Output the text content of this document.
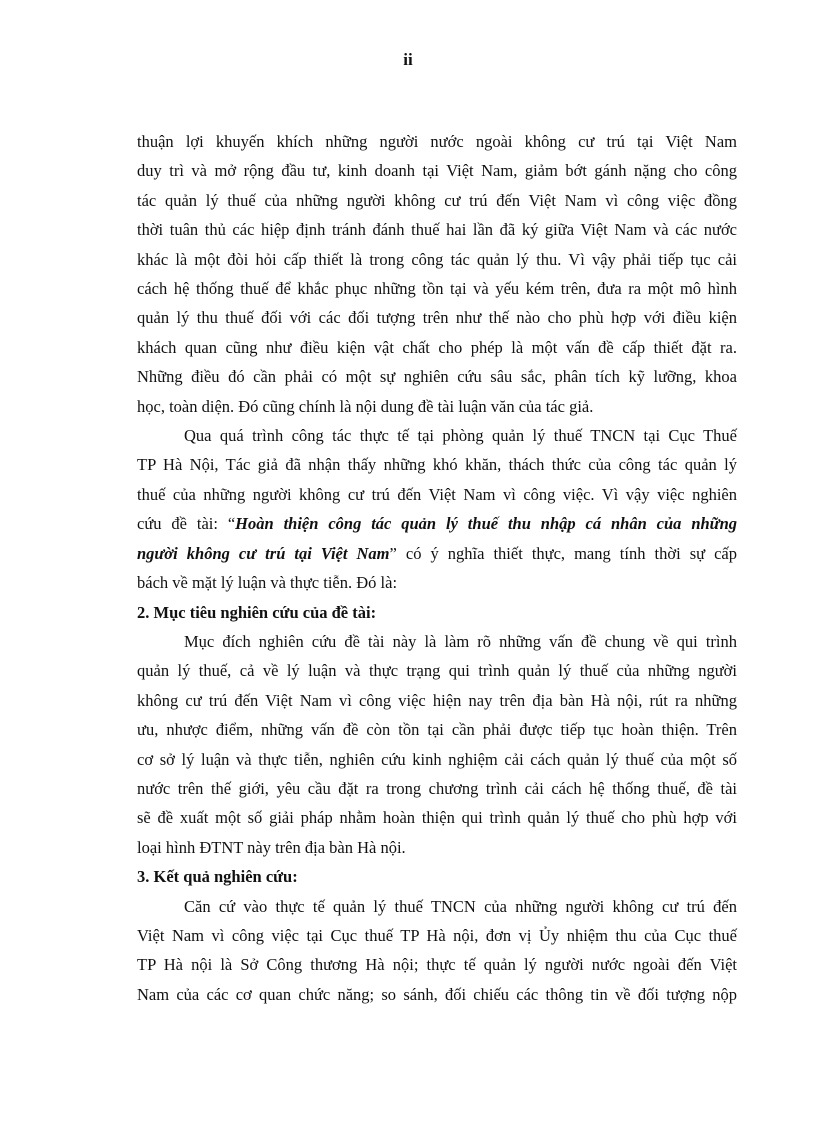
ii
thuận lợi khuyến khích những người nước ngoài không cư trú tại Việt Nam
duy trì và mở rộng đầu tư, kinh doanh tại Việt Nam, giảm bớt gánh nặng cho công
tác quản lý thuế của những người không cư trú đến Việt Nam vì công việc đồng
thời tuân thủ các hiệp định tránh đánh thuế hai lần đã ký giữa Việt Nam và các nước
khác là một đòi hỏi cấp thiết là trong công tác quản lý thu. Vì vậy phải tiếp tục cải
cách hệ thống thuế để khắc phục những tồn tại và yếu kém trên, đưa ra một mô hình
quản lý thu thuế đối với các đối tượng trên như thế nào cho phù hợp với điều kiện
khách quan cũng như điều kiện vật chất cho phép là một vấn đề cấp thiết đặt ra.
Những điều đó cần phải có một sự nghiên cứu sâu sắc, phân tích kỹ lưỡng, khoa
học, toàn diện. Đó cũng chính là nội dung đề tài luận văn của tác giả.
Qua quá trình công tác thực tế tại phòng quản lý thuế TNCN tại Cục Thuế
TP Hà Nội, Tác giả đã nhận thấy những khó khăn, thách thức của công tác quản lý
thuế của những người không cư trú đến Việt Nam vì công việc. Vì vậy việc nghiên
cứu đề tài: “Hoàn thiện công tác quản lý thuế thu nhập cá nhân của những
người không cư trú tại Việt Nam” có ý nghĩa thiết thực, mang tính thời sự cấp
bách về mặt lý luận và thực tiễn. Đó là:
2. Mục tiêu nghiên cứu của đề tài:
Mục đích nghiên cứu đề tài này là làm rõ những vấn đề chung về qui trình
quản lý thuế, cả về lý luận và thực trạng qui trình quản lý thuế của những người
không cư trú đến Việt Nam vì công việc hiện nay trên địa bàn Hà nội, rút ra những
ưu, nhược điểm, những vấn đề còn tồn tại cần phải được tiếp tục hoàn thiện. Trên
cơ sở lý luận và thực tiễn, nghiên cứu kinh nghiệm cải cách quản lý thuế của một số
nước trên thế giới, yêu cầu đặt ra trong chương trình cải cách hệ thống thuế, đề tài
sẽ đề xuất một số giải pháp nhằm hoàn thiện qui trình quản lý thuế cho phù hợp với
loại hình ĐTNT này trên địa bàn Hà nội.
3. Kết quả nghiên cứu:
Căn cứ vào thực tế quản lý thuế TNCN của những người không cư trú đến
Việt Nam vì công việc tại Cục thuế TP Hà nội, đơn vị Ủy nhiệm thu của Cục thuế
TP Hà nội là Sở Công thương Hà nội; thực tế quản lý người nước ngoài đến Việt
Nam của các cơ quan chức năng; so sánh, đối chiếu các thông tin về đối tượng nộp
